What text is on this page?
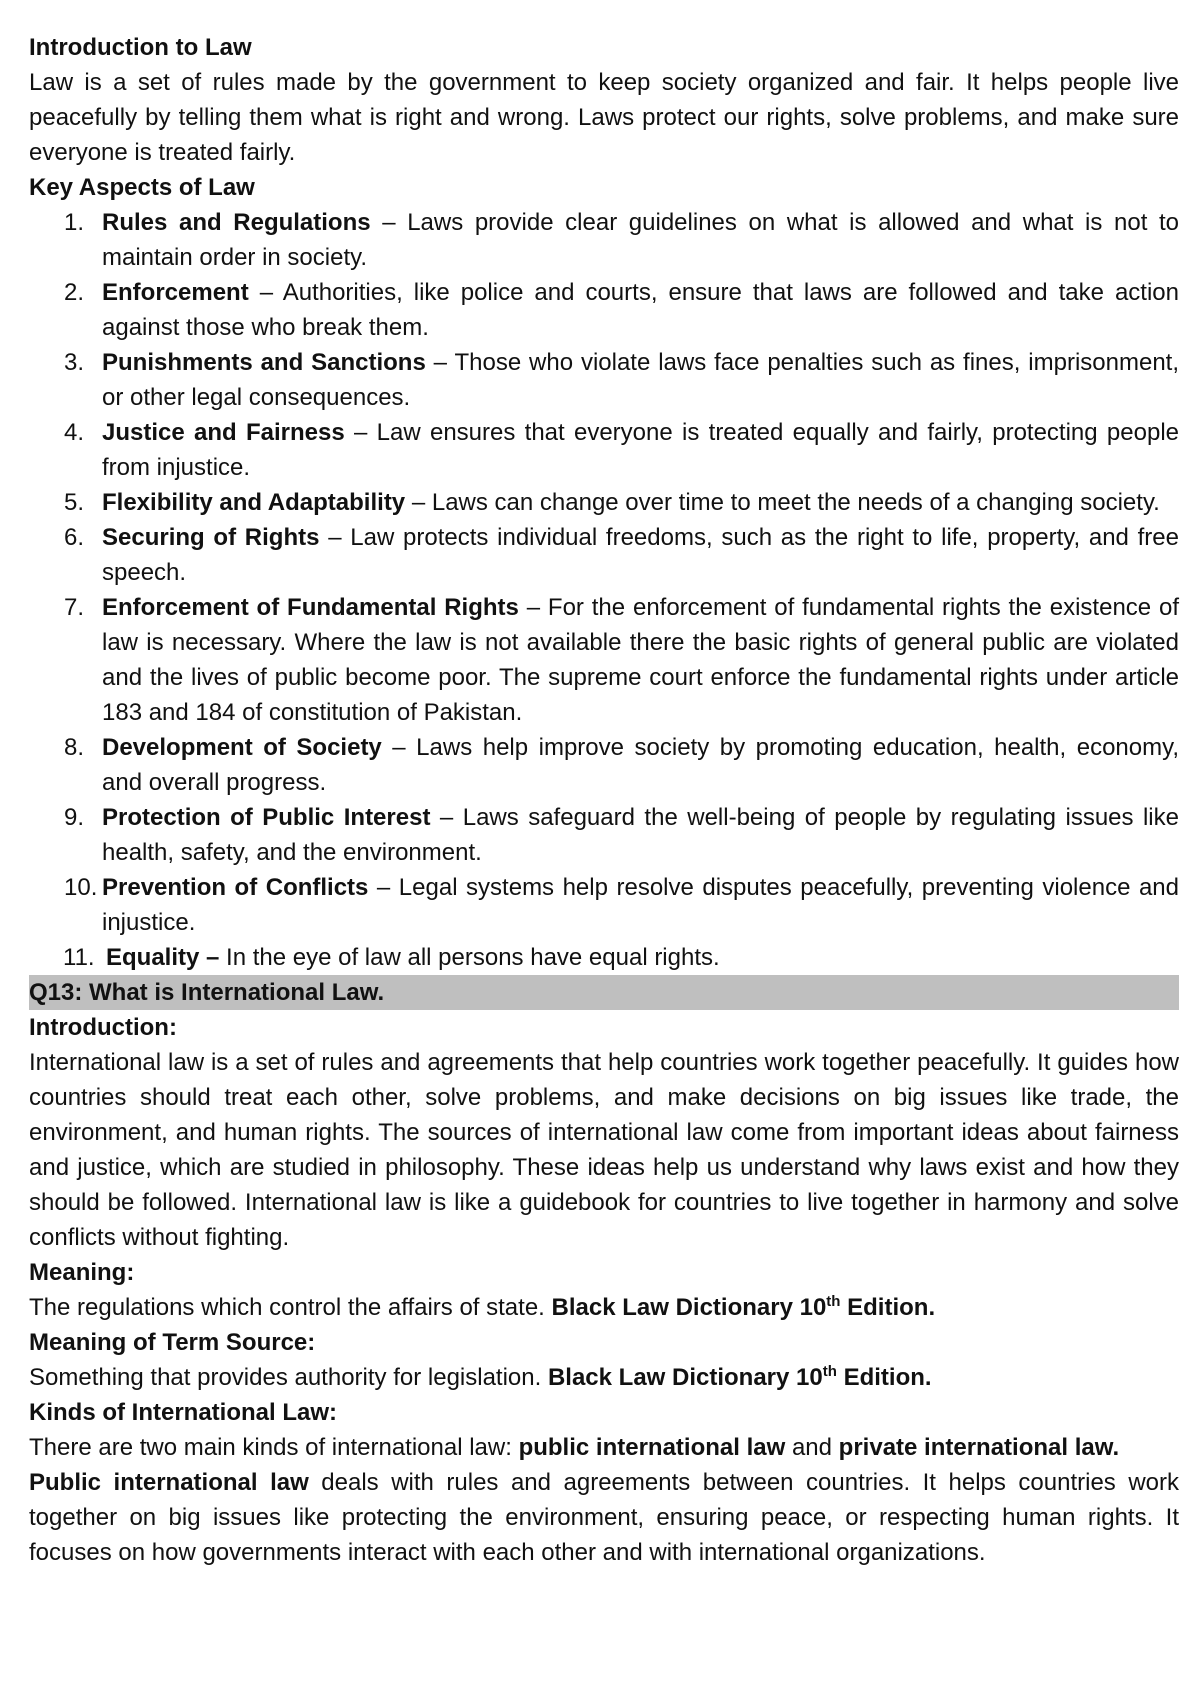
Introduction to Law

Law is a set of rules made by the government to keep society organized and fair. It helps people live peacefully by telling them what is right and wrong. Laws protect our rights, solve problems, and make sure everyone is treated fairly.

Key Aspects of Law

1. Rules and Regulations – Laws provide clear guidelines on what is allowed and what is not to maintain order in society.
2. Enforcement – Authorities, like police and courts, ensure that laws are followed and take action against those who break them.
3. Punishments and Sanctions – Those who violate laws face penalties such as fines, imprisonment, or other legal consequences.
4. Justice and Fairness – Law ensures that everyone is treated equally and fairly, protecting people from injustice.
5. Flexibility and Adaptability – Laws can change over time to meet the needs of a changing society.
6. Securing of Rights – Law protects individual freedoms, such as the right to life, property, and free speech.
7. Enforcement of Fundamental Rights – For the enforcement of fundamental rights the existence of law is necessary. Where the law is not available there the basic rights of general public are violated and the lives of public become poor. The supreme court enforce the fundamental rights under article 183 and 184 of constitution of Pakistan.
8. Development of Society – Laws help improve society by promoting education, health, economy, and overall progress.
9. Protection of Public Interest – Laws safeguard the well-being of people by regulating issues like health, safety, and the environment.
10. Prevention of Conflicts – Legal systems help resolve disputes peacefully, preventing violence and injustice.
11. Equality – In the eye of law all persons have equal rights.

Q13: What is International Law.

Introduction:

International law is a set of rules and agreements that help countries work together peacefully. It guides how countries should treat each other, solve problems, and make decisions on big issues like trade, the environment, and human rights. The sources of international law come from important ideas about fairness and justice, which are studied in philosophy. These ideas help us understand why laws exist and how they should be followed. International law is like a guidebook for countries to live together in harmony and solve conflicts without fighting.

Meaning:

The regulations which control the affairs of state. Black Law Dictionary 10th Edition.

Meaning of Term Source:

Something that provides authority for legislation. Black Law Dictionary 10th Edition.

Kinds of International Law:

There are two main kinds of international law: public international law and private international law.

Public international law deals with rules and agreements between countries. It helps countries work together on big issues like protecting the environment, ensuring peace, or respecting human rights. It focuses on how governments interact with each other and with international organizations.
